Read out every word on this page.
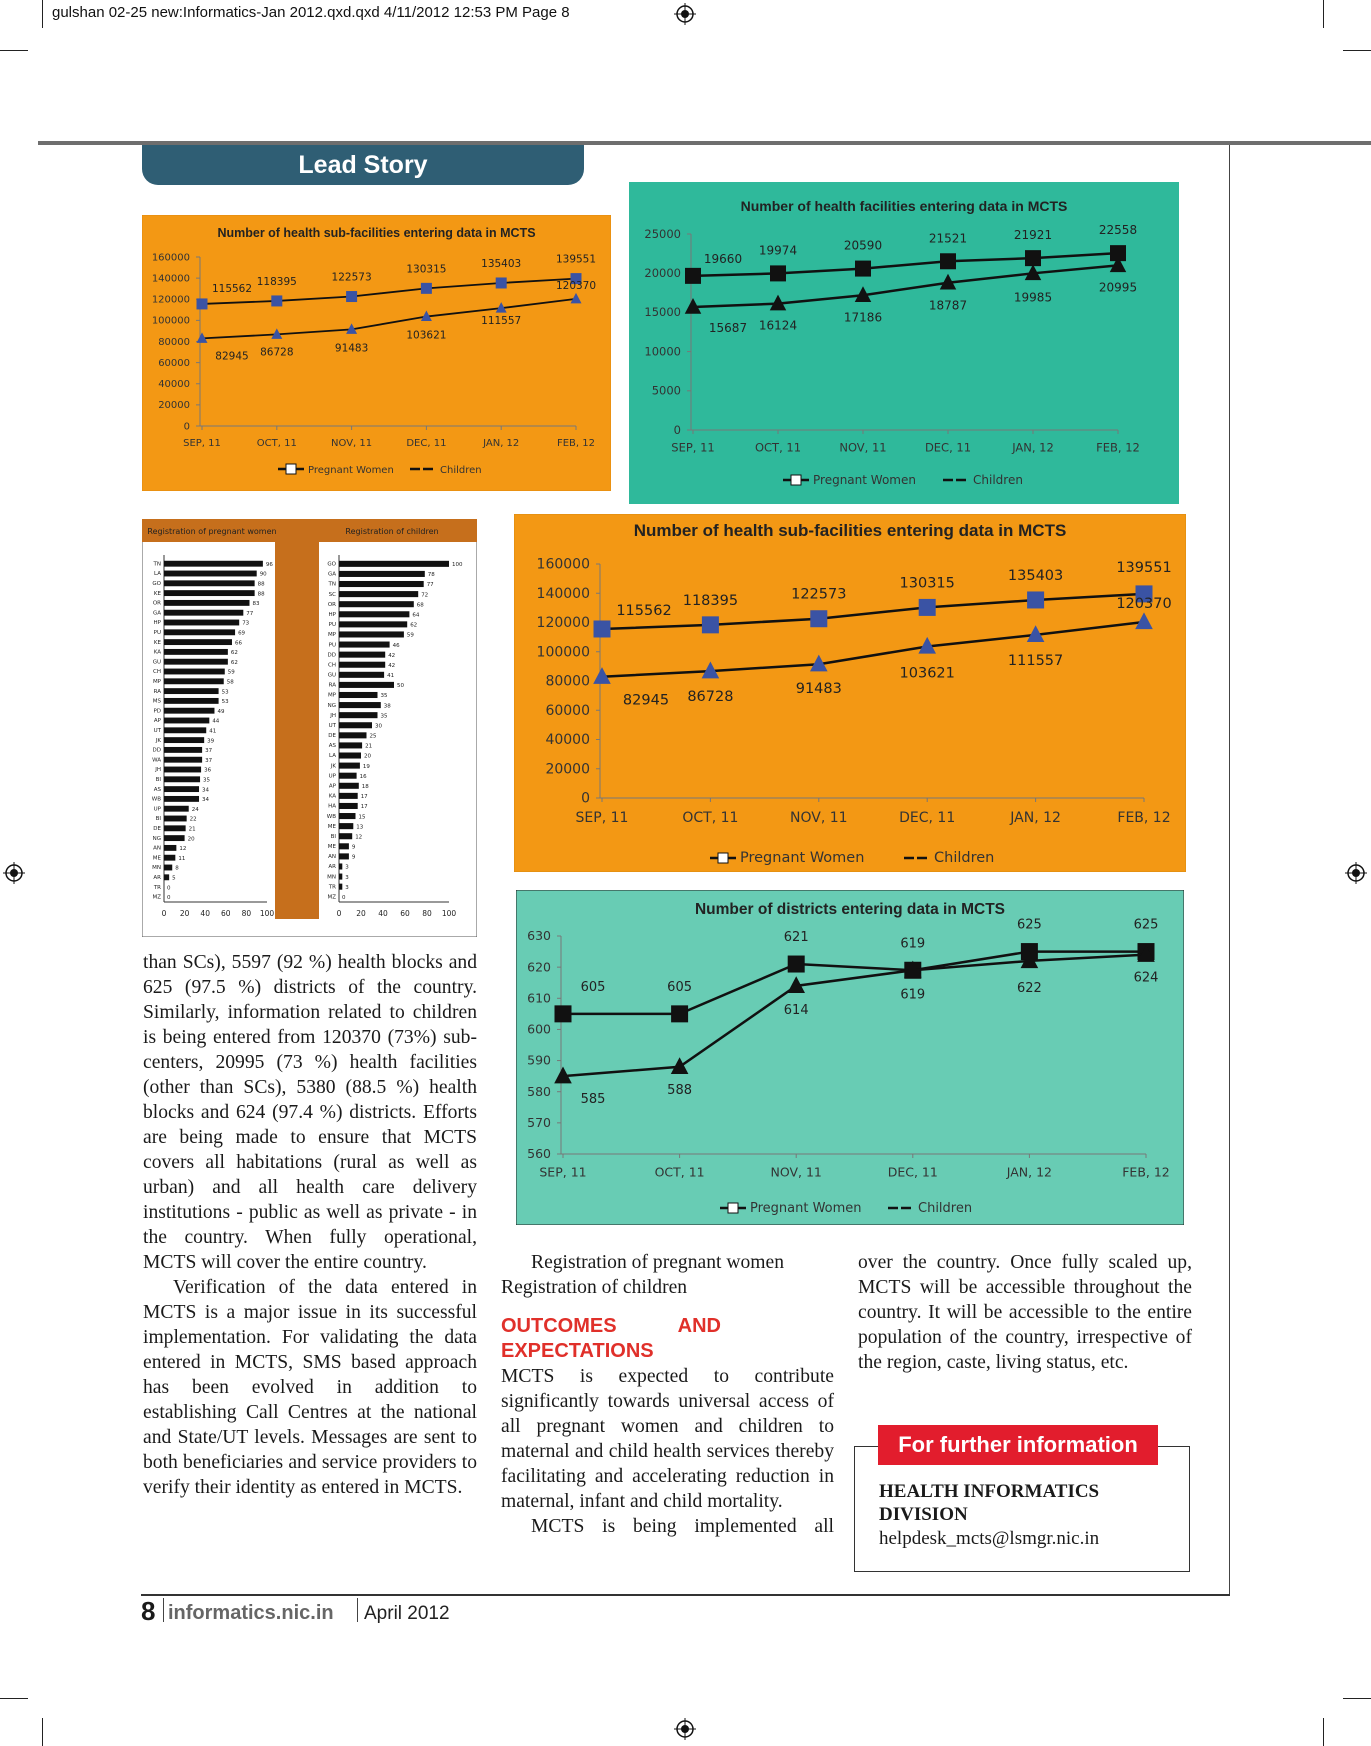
gulshan 02-25 new:Informatics-Jan 2012.qxd.qxd 4/11/2012 12:53 PM Page 8
Lead Story
Number of health sub-facilities entering data in MCTS
0
20000
40000
60000
80000
100000
120000
140000
160000
SEP, 11	OCT, 11	NOV, 11	DEC, 11	JAN, 12	FEB, 12
115562
118395	122573
130315	135403	139551
82945 86728	91483
103621
111557
120370
Pregnant Women	Children
Number of health facilities entering data in MCTS
0
5000
10000
15000
20000
25000
SEP, 11	OCT, 11	NOV, 11	DEC, 11	JAN, 12	FEB, 12
19660
19974	20590
21521	21921	22558
15687 16124
17186
18787
19985
20995
Pregnant Women	Children
Registration of pregnant women
TN	96
LA	90
GO	88
KE	88
OR	83
GA	77
HP	73
PU	69
KE	66
KA	62
GU	62
CH	59
MP	58
RA	53
MS	53
PD	49
AP	44
UT	41
JK	39
DD	37
WA	37
JH	36
BI	35
AS	34
WB	34
UP	24
BI	22
DE	21
NG	20
AN	12
ME	11
MN	8
AR 5
TR 0
MZ 0
0 20 40 60 80 100
Registration of children
GO	100
GA	78
TN	77
SC	72
OR	68
HP	64
PU	62
MP	59
PU	46
DD	42
CH	42
GU	41
RA	50
MP	35
NG	38
JH	35
UT	30
DE	25
AS	21
LA	20
JK	19
UP	16
AP	18
KA	17
HA	17
WB	15
ME	13
BI	12
ME	9
AN	9
AR 3
MN 3
TR 3
MZ 0
0 20 40 60 80 100
Number of health sub-facilities entering data in MCTS
0
20000
40000
60000
80000
100000
120000
140000
160000
SEP, 11	OCT, 11	NOV, 11	DEC, 11	JAN, 12	FEB, 12
115562
118395	122573
130315	135403
139551
82945 86728	91483
103621
111557
120370
Pregnant Women	Children
Number of districts entering data in MCTS
560
570
580
590
600
610
620
630
SEP, 11	OCT, 11	NOV, 11	DEC, 11	JAN, 12	FEB, 12
605	605
621	619
625	625
585
588
614
619	622
624
Pregnant Women	Children

than SCs), 5597 (92 %) health blocks and 625 (97.5 %) districts of the country. Similarly, information related to children is being entered from 120370 (73%) sub-centers, 20995 (73 %) health facilities (other than SCs), 5380 (88.5 %) health blocks and 624 (97.4 %) districts. Efforts are being made to ensure that MCTS covers all habitations (rural as well as urban) and all health care delivery institutions - public as well as private - in the country. When fully operational, MCTS will cover the entire country.

Verification of the data entered in MCTS is a major issue in its successful implementation. For validating the data entered in MCTS, SMS based approach has been evolved in addition to establishing Call Centres at the national and State/UT levels. Messages are sent to both beneficiaries and service providers to verify their identity as entered in MCTS.

Registration of pregnant women

Registration of children

OUTCOMES AND EXPECTATIONS

MCTS is expected to contribute significantly towards universal access of all pregnant women and children to maternal and child health services thereby facilitating and accelerating reduction in maternal, infant and child mortality.

MCTS is being implemented all

over the country. Once fully scaled up, MCTS will be accessible throughout the country. It will be accessible to the entire population of the country, irrespective of the region, caste, living status, etc.

For further information
HEALTH INFORMATICS DIVISION
helpdesk_mcts@lsmgr.nic.in
8 informatics.nic.in April 2012
